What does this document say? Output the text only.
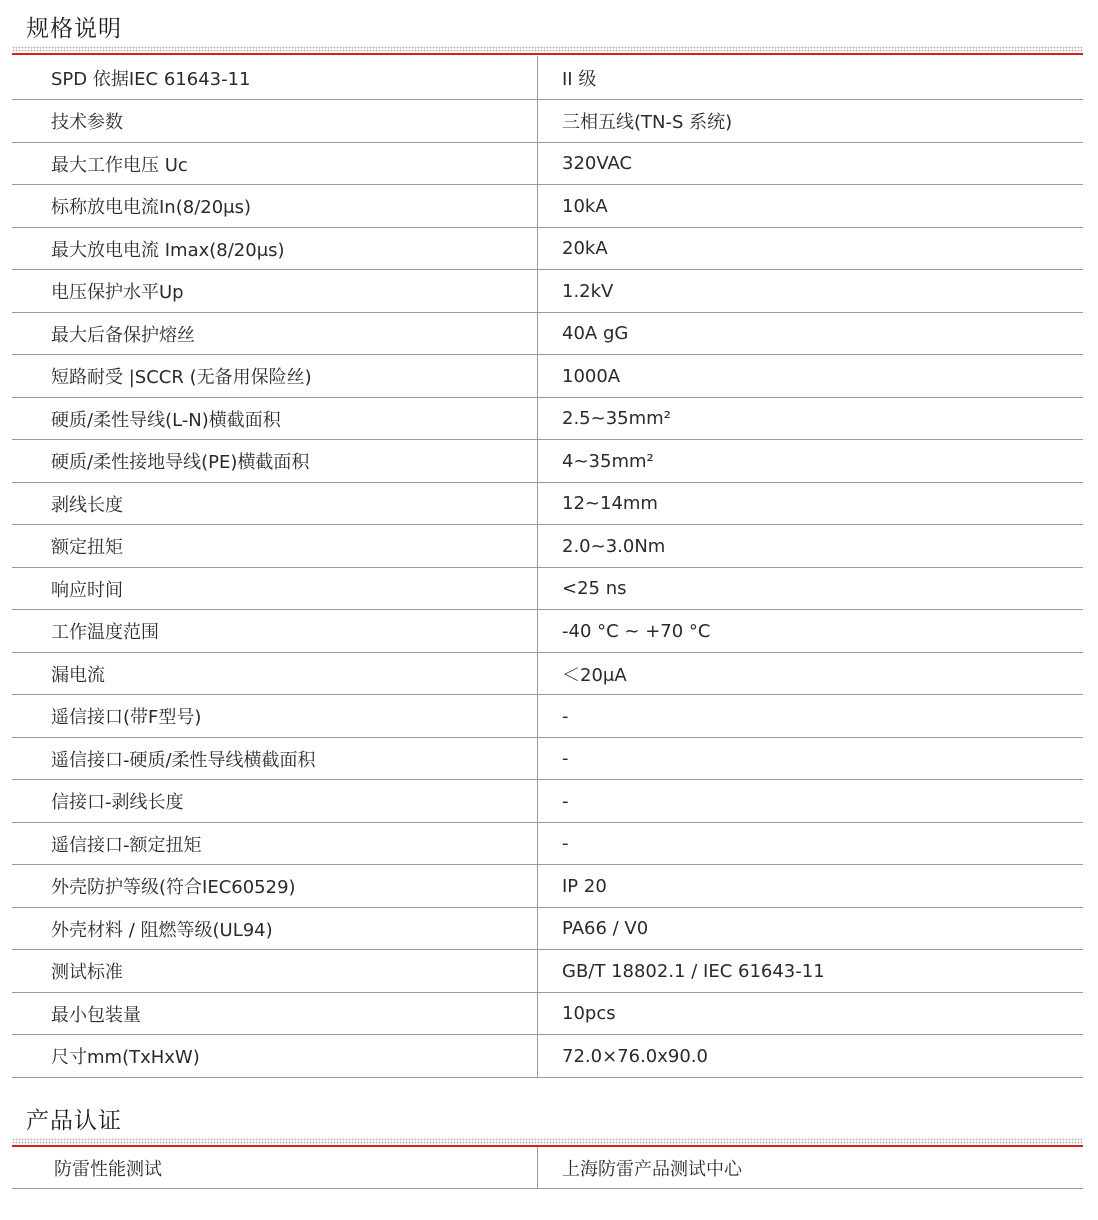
规格说明
SPD 依据IEC 61643-11	II 级
技术参数	三相五线(TN-S 系统)
最大工作电压 Uc	320VAC
标称放电电流In(8/20μs)	10kA
最大放电电流 Imax(8/20μs)	20kA
电压保护水平Up	1.2kV
最大后备保护熔丝	40A gG
短路耐受 |SCCR (无备用保险丝)	1000A
硬质/柔性导线(L-N)横截面积	2.5~35mm²
硬质/柔性接地导线(PE)横截面积	4~35mm²
剥线长度	12~14mm
额定扭矩	2.0~3.0Nm
响应时间	<25 ns
工作温度范围	-40 °C ~ +70 °C
漏电流	＜20μA
遥信接口(带F型号)	-
遥信接口-硬质/柔性导线横截面积	-
信接口-剥线长度	-
遥信接口-额定扭矩	-
外壳防护等级(符合IEC60529)	IP 20
外壳材料 / 阻燃等级(UL94)	PA66 / V0
测试标准	GB/T 18802.1 / IEC 61643-11
最小包装量	10pcs
尺寸mm(TxHxW)	72.0×76.0x90.0
产品认证
防雷性能测试	上海防雷产品测试中心
